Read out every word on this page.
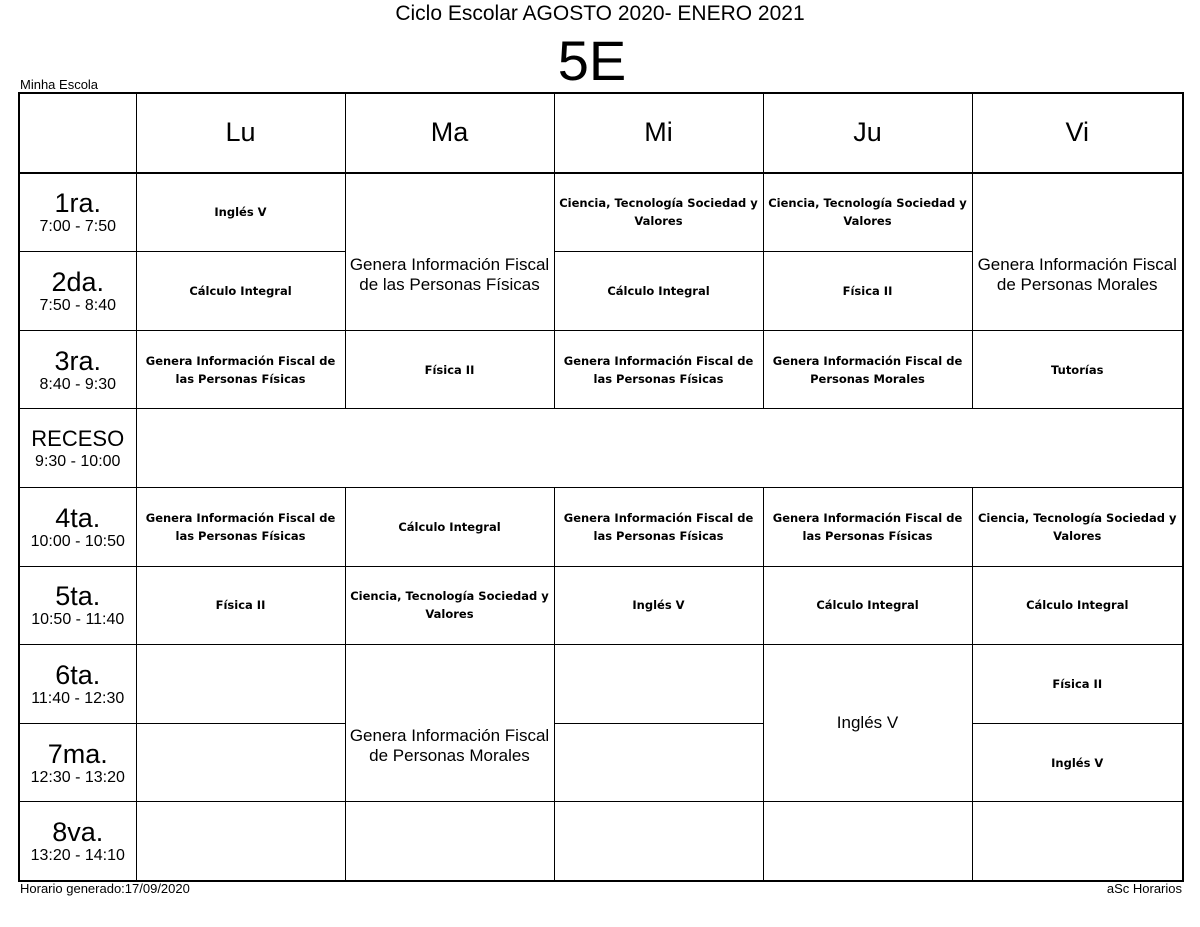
Ciclo Escolar AGOSTO 2020- ENERO 2021
5E
Minha Escola
	Lu	Ma	Mi	Ju	Vi

1ra.
7:00 - 7:50	Inglés V	Genera Información Fiscal de las Personas Físicas	Ciencia, Tecnología Sociedad y Valores	Ciencia, Tecnología Sociedad y Valores	Genera Información Fiscal de Personas Morales

2da.
7:50 - 8:40	Cálculo Integral		Cálculo Integral	Física II	

3ra.
8:40 - 9:30	Genera Información Fiscal de las Personas Físicas	Física II	Genera Información Fiscal de las Personas Físicas	Genera Información Fiscal de Personas Morales	Tutorías

RECESO
9:30 - 10:00					

4ta.
10:00 - 10:50	Genera Información Fiscal de las Personas Físicas	Cálculo Integral	Genera Información Fiscal de las Personas Físicas	Genera Información Fiscal de las Personas Físicas	Ciencia, Tecnología Sociedad y Valores

5ta.
10:50 - 11:40	Física II	Ciencia, Tecnología Sociedad y Valores	Inglés V	Cálculo Integral	Cálculo Integral

6ta.
11:40 - 12:30		Genera Información Fiscal de Personas Morales		Inglés V	Física II

7ma.
12:30 - 13:20					Inglés V

8va.
13:20 - 14:10					

Horario generado:17/09/2020	aSc Horarios
